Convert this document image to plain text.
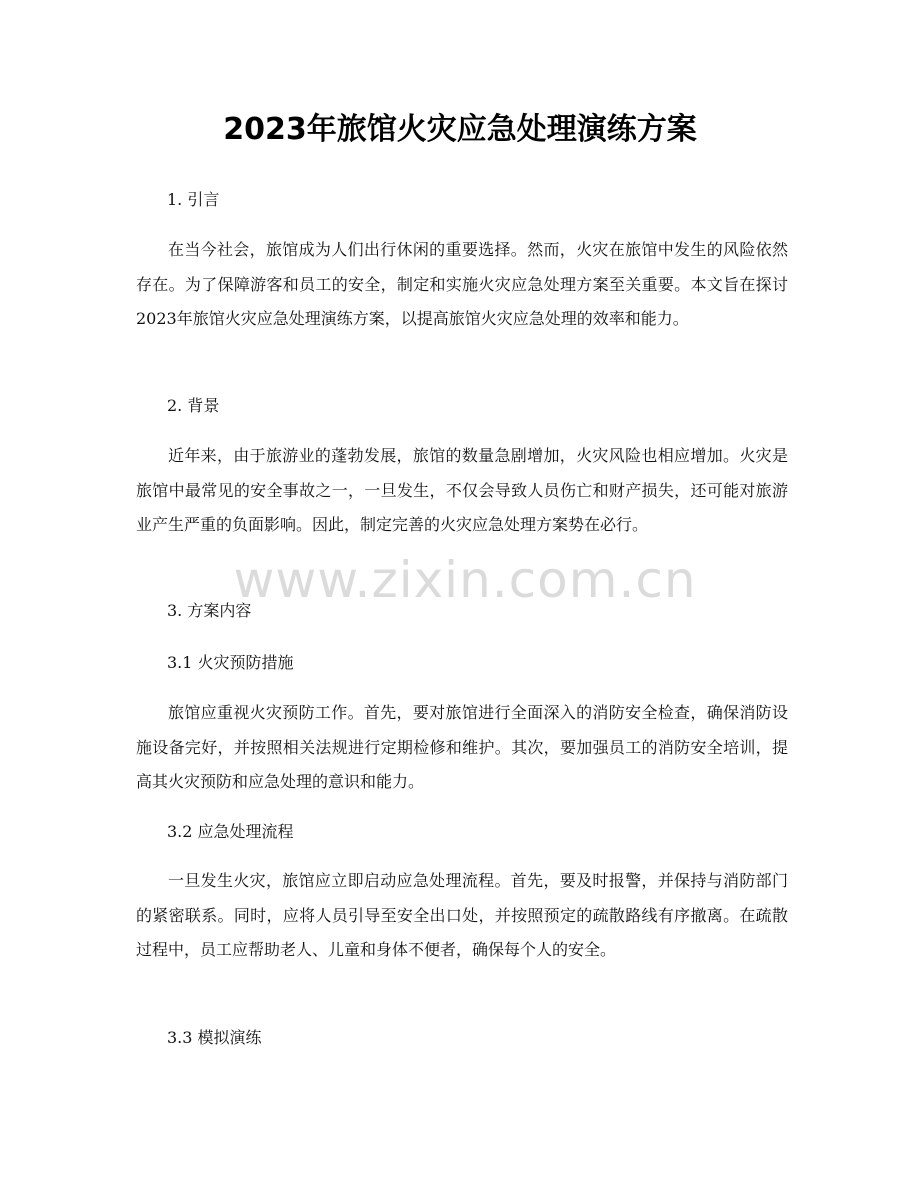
2023年旅馆火灾应急处理演练方案

1. 引言

在当今社会，旅馆成为人们出行休闲的重要选择。然而，火灾在旅馆中发生的风险依然存在。为了保障游客和员工的安全，制定和实施火灾应急处理方案至关重要。本文旨在探讨2023年旅馆火灾应急处理演练方案，以提高旅馆火灾应急处理的效率和能力。

2. 背景

近年来，由于旅游业的蓬勃发展，旅馆的数量急剧增加，火灾风险也相应增加。火灾是旅馆中最常见的安全事故之一，一旦发生，不仅会导致人员伤亡和财产损失，还可能对旅游业产生严重的负面影响。因此，制定完善的火灾应急处理方案势在必行。

3. 方案内容

3.1 火灾预防措施

旅馆应重视火灾预防工作。首先，要对旅馆进行全面深入的消防安全检查，确保消防设施设备完好，并按照相关法规进行定期检修和维护。其次，要加强员工的消防安全培训，提高其火灾预防和应急处理的意识和能力。

3.2 应急处理流程

一旦发生火灾，旅馆应立即启动应急处理流程。首先，要及时报警，并保持与消防部门的紧密联系。同时，应将人员引导至安全出口处，并按照预定的疏散路线有序撤离。在疏散过程中，员工应帮助老人、儿童和身体不便者，确保每个人的安全。

3.3 模拟演练

www.zixin.com.cn
